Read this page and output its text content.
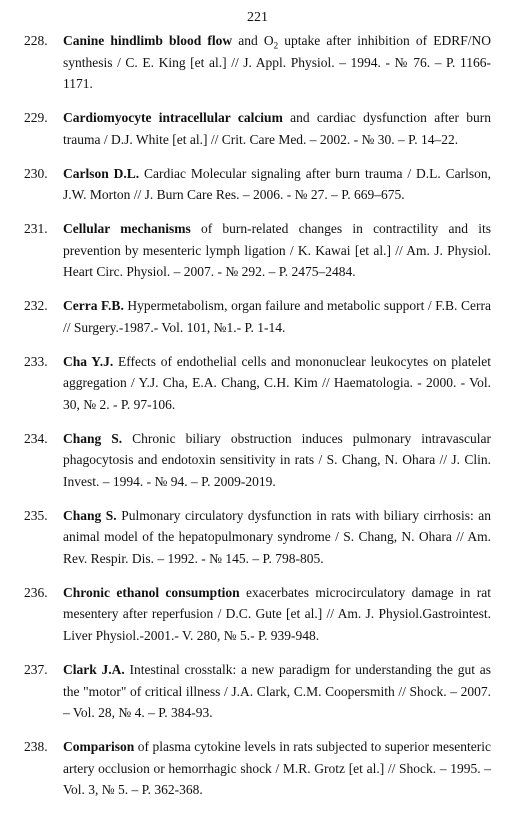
221
228.	Canine hindlimb blood flow and $O_2$ uptake after inhibition of EDRF/NO synthesis / C. E. King [et al.] // J. Appl. Physiol. – 1994. - № 76. – P. 1166-1171.
229.	Cardiomyocyte intracellular calcium and cardiac dysfunction after burn trauma / D.J. White [et al.] // Crit. Care Med. – 2002. - № 30. – P. 14–22.
230.	Carlson D.L. Cardiac Molecular signaling after burn trauma / D.L. Carlson, J.W. Morton // J. Burn Care Res. – 2006. - № 27. – P. 669–675.
231.	Cellular mechanisms of burn-related changes in contractility and its prevention by mesenteric lymph ligation / K. Kawai [et al.] // Am. J. Physiol. Heart Circ. Physiol. – 2007. - № 292. – P. 2475–2484.
232.	Cerra F.B. Hypermetabolism, organ failure and metabolic support / F.B. Cerra // Surgery.-1987.- Vol. 101, №1.- P. 1-14.
233.	Cha Y.J. Effects of endothelial cells and mononuclear leukocytes on platelet aggregation / Y.J. Cha, E.A. Chang, C.H. Kim // Haematologia. - 2000. - Vol. 30, № 2. - P. 97-106.
234.	Chang S. Chronic biliary obstruction induces pulmonary intravascular phagocytosis and endotoxin sensitivity in rats / S. Chang, N. Ohara // J. Clin. Invest. – 1994. - № 94. – P. 2009-2019.
235.	Chang S. Pulmonary circulatory dysfunction in rats with biliary cirrhosis: an animal model of the hepatopulmonary syndrome / S. Chang, N. Ohara // Am. Rev. Respir. Dis. – 1992. - № 145. – P. 798-805.
236.	Chronic ethanol consumption exacerbates microcirculatory damage in rat mesentery after reperfusion / D.C. Gute [et al.] // Am. J. Physiol.Gastrointest. Liver Physiol.-2001.- V. 280, № 5.- P. 939-948.
237.	Clark J.A. Intestinal crosstalk: a new paradigm for understanding the gut as the "motor" of critical illness / J.A. Clark, C.M. Coopersmith // Shock. – 2007. – Vol. 28, № 4. – P. 384-93.
238.	Comparison of plasma cytokine levels in rats subjected to superior mesenteric artery occlusion or hemorrhagic shock / M.R. Grotz [et al.] // Shock. – 1995. – Vol. 3, № 5. – P. 362-368.
